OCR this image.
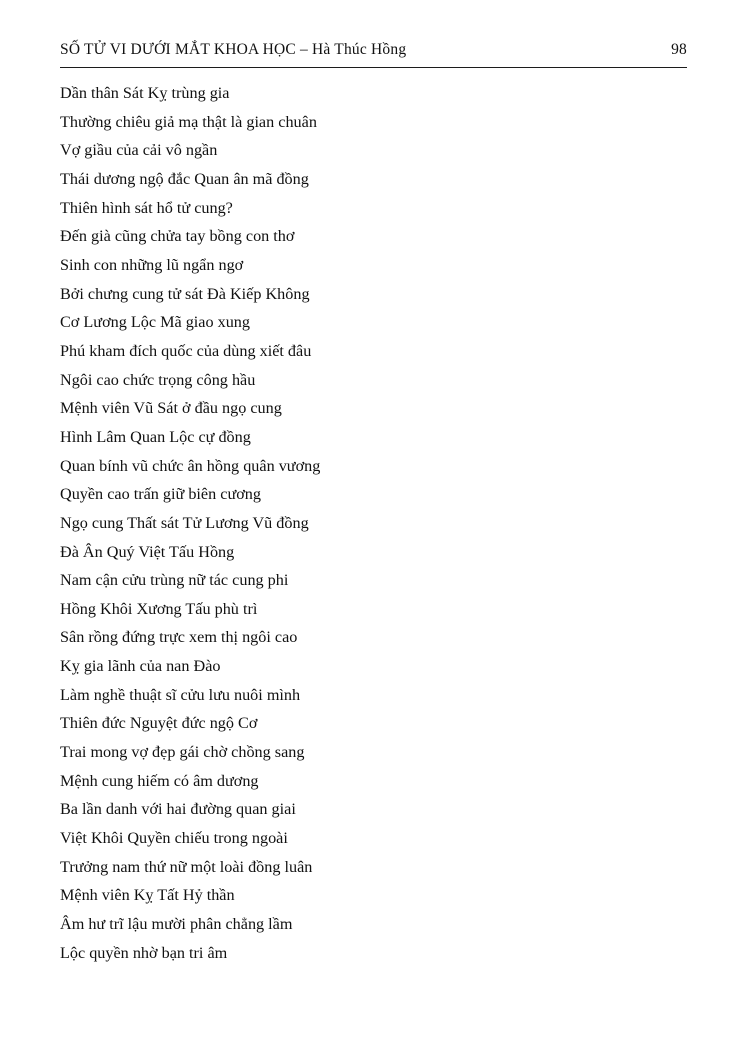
SỐ TỬ VI DƯỚI MẮT KHOA HỌC – Hà Thúc Hồng	98
Dần thân Sát Kỵ trùng gia
Thường chiêu giả mạ thật là gian chuân
Vợ giầu của cải vô ngần
Thái dương ngộ đắc Quan ân mã đồng
Thiên hình sát hổ tử cung?
Đến già cũng chửa tay bồng con thơ
Sinh con những lũ ngẩn ngơ
Bởi chưng cung tử sát Đà Kiếp Không
Cơ Lương Lộc Mã giao xung
Phú kham đích quốc của dùng xiết đâu
Ngôi cao chức trọng công hầu
Mệnh viên Vũ Sát ở đầu ngọ cung
Hình Lâm Quan Lộc cự đồng
Quan bính vũ chức ân hồng quân vương
Quyền cao trấn giữ biên cương
Ngọ cung Thất sát Tử Lương Vũ đồng
Đà Ân Quý Việt Tấu Hồng
Nam cận cửu trùng nữ tác cung phi
Hồng Khôi Xương Tấu phù trì
Sân rồng đứng trực xem thị ngôi cao
Kỵ gia lãnh của nan Đào
Làm nghề thuật sĩ cửu lưu nuôi mình
Thiên đức Nguyệt đức ngộ Cơ
Trai mong vợ đẹp gái chờ chồng sang
Mệnh cung hiếm có âm dương
Ba lần danh với hai đường quan giai
Việt Khôi Quyền chiếu trong ngoài
Trưởng nam thứ nữ một loài đồng luân
Mệnh viên Kỵ Tất Hỷ thần
Âm hư trĩ lậu mười phân chẳng lầm
Lộc quyền nhờ bạn tri âm
